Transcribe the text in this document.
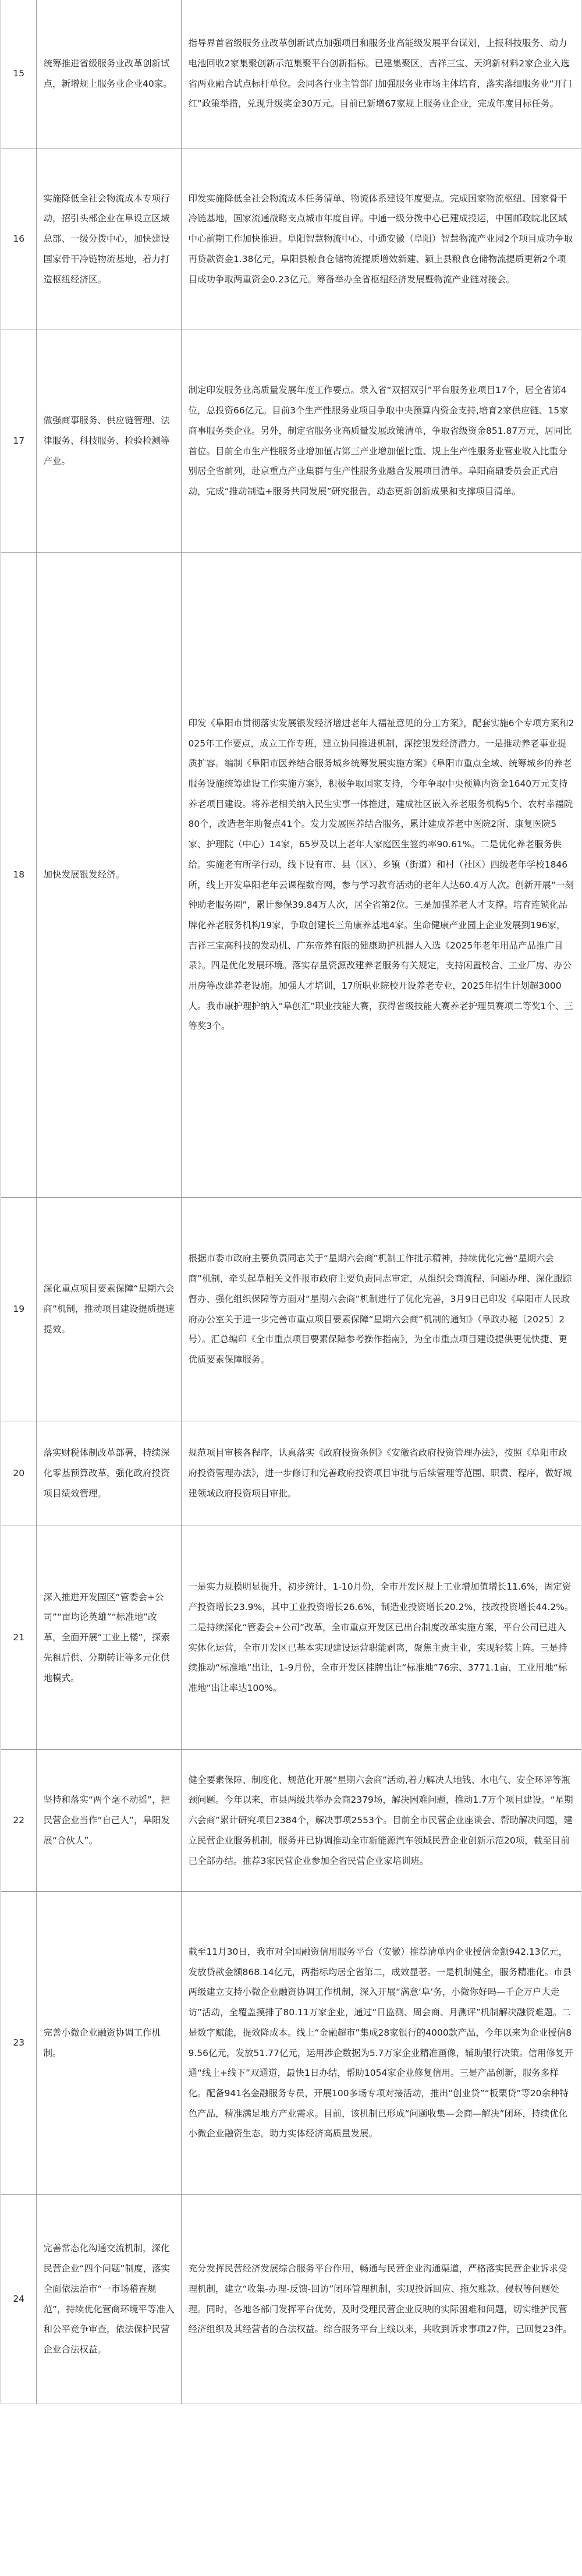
15	统筹推进省级服务业改革创新试点，新增规上服务业企业40家。	指导界首省级服务业改革创新试点加强项目和服务业高能级发展平台谋划，上报科技服务、动力电池回收2家集聚创新示范集聚平台创新指标。已建集聚区，吉祥三宝、天鸿新材料2家企业入选省两业融合试点标杆单位。会同各行业主管部门加强服务业市场主体培育，落实落细服务业“开门红”政策举措，兑现升级奖金30万元。目前已新增67家规上服务业企业，完成年度目标任务。

16	实施降低全社会物流成本专项行动，招引头部企业在阜设立区域总部、一级分拨中心，加快建设国家骨干冷链物流基地，着力打造枢纽经济区。	印发实施降低全社会物流成本任务清单、物流体系建设年度要点。完成国家物流枢纽、国家骨干冷链基地，国家流通战略支点城市年度自评。中通一级分拨中心已建成投运，中国邮政皖北区域中心前期工作加快推进。阜阳智慧物流中心、中通安徽（阜阳）智慧物流产业园2个项目成功争取再贷款资金1.38亿元，阜阳县粮食仓储物流提质增效新建、颍上县粮食仓储物流提质更新2个项目成功争取两重资金0.23亿元。筹备举办全省枢纽经济发展暨物流产业链对接会。

17	做强商事服务、供应链管理、法律服务、科技服务、检验检测等产业。	制定印发服务业高质量发展年度工作要点。录入省“双招双引”平台服务业项目17个，居全省第4位，总投资66亿元。目前3个生产性服务业项目争取中央预算内资金支持,培育2家供应链、15家商事服务类企业。另外，制定省服务业高质量发展政策清单，争取省级资金851.87万元，居同比首位。目前全市生产性服务业增加值占第三产业增加值比重、规上生产性服务业营业收入比重分别居全省前列，赴京重点产业集群与生产性服务业融合发展项目清单。阜阳商鼎委员会正式启动，完成“推动制造+服务共同发展”研究报告，动态更新创新成果和支撑项目清单。

18	加快发展银发经济。	印发《阜阳市贯彻落实发展银发经济增进老年人福祉意见的分工方案》，配套实施6个专项方案和2025年工作要点，成立工作专班，建立协同推进机制，深挖银发经济潜力。一是推动养老事业提质扩容。编制《阜阳市医养结合服务城乡统筹发展实施方案》《阜阳市重点全域、统筹城乡的养老服务设施统筹建设工作实施方案》，积极争取国家支持，今年争取中央预算内资金1640万元支持养老项目建设。将养老相关纳入民生实事一体推进，建成社区嵌入养老服务机构5个、农村幸福院80个，改造老年助餐点41个。发力发展医养结合服务，累计建成养老中医院2所、康复医院5家、护理院（中心）14家，65岁及以上老年人家庭医生签约率90.61%。二是优化养老服务供给。实施老有所学行动，线下设有市、县（区）、乡镇（街道）和村（社区）四级老年学校1846所，线上开发阜阳老年云课程数育网，参与学习教育活动的老年人达60.4万人次。创新开展“一刻钟助老服务圈”，累计参保39.84万人次，居全省第2位。三是加强养老人才支撑。培育连锁化品牌化养老服务机构19家，争取创建长三角康养基地4家。生命健康产业园上企业发展到196家，吉祥三宝高科技的发动机、广东帝养有限的健康助护机器人入选《2025年老年用品产品推广目录》。四是优化发展环境。落实存量资源改建养老服务有关规定，支持闲置校舍、工业厂房、办公用房等改建养老设施。加强人才培训，17所职业院校开设养老专业，2025年招生计划超3000人。我市康护理护纳入“阜创汇”职业技能大赛，获得省级技能大赛养老护理员赛项二等奖1个、三等奖3个。

19	深化重点项目要素保障“星期六会商”机制，推动项目建设提质提速提效。	根据市委市政府主要负责同志关于“星期六会商”机制工作批示精神，持续优化完善“星期六会商”机制，牵头起草相关文件报市政府主要负责同志审定，从组织会商流程、问题办理、深化跟踪督办、强化组织保障等方面对“星期六会商”机制进行了优化完善，3月9日已印发《阜阳市人民政府办公室关于进一步完善市重点项目要素保障“星期六会商”机制的通知》（阜政办秘〔2025〕2号）。汇总编印《全市重点项目要素保障参考操作指南》，为全市重点项目建设提供更优快捷、更优质要素保障服务。

20	落实财税体制改革部署，持续深化零基预算改革，强化政府投资项目绩效管理。	规范项目审核各程序，认真落实《政府投资条例》《安徽省政府投资管理办法》，按照《阜阳市政府投资管理办法》，进一步修订和完善政府投资项目审批与后续管理等范围、职责、程序，做好城建领域政府投资项目审批。

21	深入推进开发园区“管委会+公司”“亩均论英雄”“标准地”改革，全面开展“工业上楼”，探索先租后供、分期转让等多元化供地模式。	一是实力规模明显提升，初步统计，1-10月份，全市开发区规上工业增加值增长11.6%，固定资产投资增长23.9%，其中工业投资增长26.6%，制造业投资增长20.2%，技改投资增长44.2%。二是持续深化“管委会+公司”改革，全市重点开发区已出台制度改革实施方案，平台公司已进入实体化运营，全市开发区已基本实现建设运营职能剥离，聚焦主责主业，实现轻装上阵。三是持续推动“标准地”出让，1-9月份，全市开发区挂牌出让“标准地”76宗、3771.1亩，工业用地“标准地”出让率达100%。

22	坚持和落实“两个毫不动摇”，把民营企业当作“自己人”，阜阳发展“合伙人”。	健全要素保障、制度化、规范化开展“星期六会商”活动,着力解决人地钱、水电气、安全环评等瓶颈问题。今年以来，市县两级共举办会商2379场，解决困难问题，推动1.7万个项目建设。“星期六会商”累计研究项目2384个，解决事项2553个。目前全市民营企业座谈会、帮助解决问题，建立民营企业服务机制，服务并已协调推动全市新能源汽车领域民营企业创新示范20项，截至目前已全部办结。推荐3家民营企业参加全省民营企业家培训班。

23	完善小微企业融资协调工作机制。	截至11月30日，我市对全国融资信用服务平台（安徽）推荐清单内企业授信金额942.13亿元，发放贷款金额868.14亿元，两指标均居全省第二，成效显著。一是机制健全，服务精准化。市县两级建立支持小微企业融资协调工作机制，深入开展“满意‘阜’务，小微你好吗—千企万户大走访”活动，全覆盖摸排了80.11万家企业，通过“日监测、周会商、月测评”机制解决融资难题。二是数字赋能，提效降成本。线上“金融超市”集成28家银行的4000款产品，今年以来为企业授信89.56亿元，发放51.77亿元，运用涉企数据为5.7万家企业精准画像，辅助银行决策。信用修复开通“线上+线下”双通道，最快1日办结，帮助1054家企业修复信用。三是产品创新，服务多样化。配备941名金融服务专员，开展100多场专项对接活动，推出“创业贷”“板栗贷”等20余种特色产品，精准满足地方产业需求。目前，该机制已形成“问题收集—会商—解决”闭环，持续优化小微企业融资生态，助力实体经济高质量发展。

24	完善常态化沟通交流机制，深化民营企业“四个问题”制度，落实全面依法治市“一市场稽查规范”，持续优化营商环境平等准入和公平竞争审查，依法保护民营企业合法权益。	充分发挥民营经济发展综合服务平台作用，畅通与民营企业沟通渠道，严格落实民营企业诉求受理机制，建立“收集-办理-反馈-回访”闭环管理机制，实现投诉回应、拖欠账款、侵权等问题处理。同时，各地各部门发挥平台优势，及时受理民营企业反映的实际困难和问题，切实维护民营经济组织及其经营者的合法权益。综合服务平台上线以来，共收到诉求事项27件，已回复23件。
